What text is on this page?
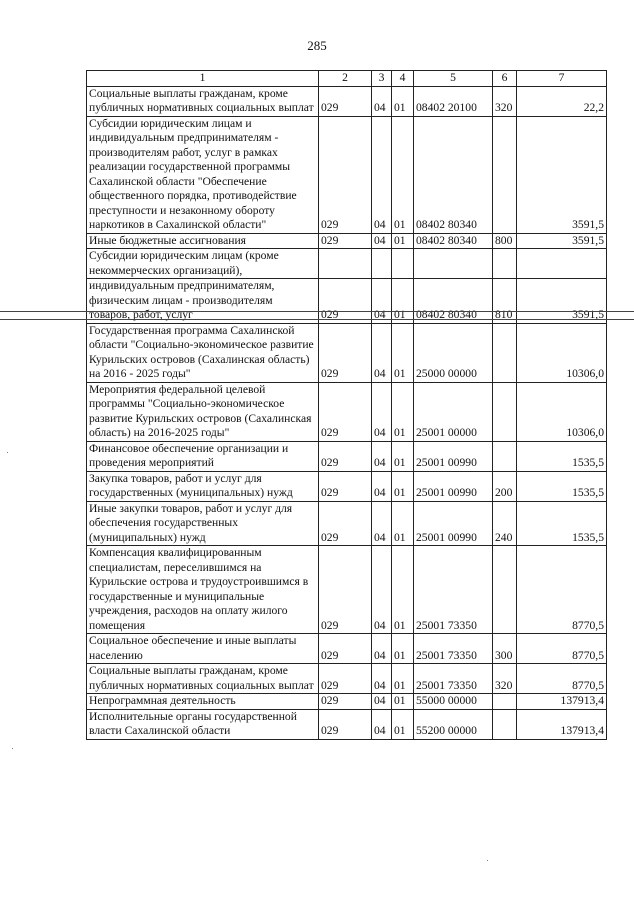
285
1	2	3	4	5	6	7
Социальные выплаты гражданам, кроме публичных нормативных социальных выплат	029	04	01	08402 20100	320	22,2
Субсидии юридическим лицам и индивидуальным предпринимателям - производителям работ, услуг в рамках реализации государственной программы Сахалинской области "Обеспечение общественного порядка, противодействие преступности и незаконному обороту наркотиков в Сахалинской области"	029	04	01	08402 80340		3591,5
Иные бюджетные ассигнования	029	04	01	08402 80340	800	3591,5
Субсидии юридическим лицам (кроме некоммерческих организаций),						
индивидуальным предпринимателям, физическим лицам - производителям товаров, работ, услуг	029	04	01	08402 80340	810	3591,5
Государственная программа Сахалинской области "Социально-экономическое развитие Курильских островов (Сахалинская область) на 2016 - 2025 годы"	029	04	01	25000 00000		10306,0
Мероприятия федеральной целевой программы "Социально-экономическое развитие Курильских островов (Сахалинская область) на 2016-2025 годы"	029	04	01	25001 00000		10306,0
Финансовое обеспечение организации и проведения мероприятий	029	04	01	25001 00990		1535,5
Закупка товаров, работ и услуг для государственных (муниципальных) нужд	029	04	01	25001 00990	200	1535,5
Иные закупки товаров, работ и услуг для обеспечения государственных (муниципальных) нужд	029	04	01	25001 00990	240	1535,5
Компенсация квалифицированным специалистам, переселившимся на Курильские острова и трудоустроившимся в государственные и муниципальные учреждения, расходов на оплату жилого помещения	029	04	01	25001 73350		8770,5
Социальное обеспечение и иные выплаты населению	029	04	01	25001 73350	300	8770,5
Социальные выплаты гражданам, кроме публичных нормативных социальных выплат	029	04	01	25001 73350	320	8770,5
Непрограммная деятельность	029	04	01	55000 00000		137913,4
Исполнительные органы государственной власти Сахалинской области	029	04	01	55200 00000		137913,4
